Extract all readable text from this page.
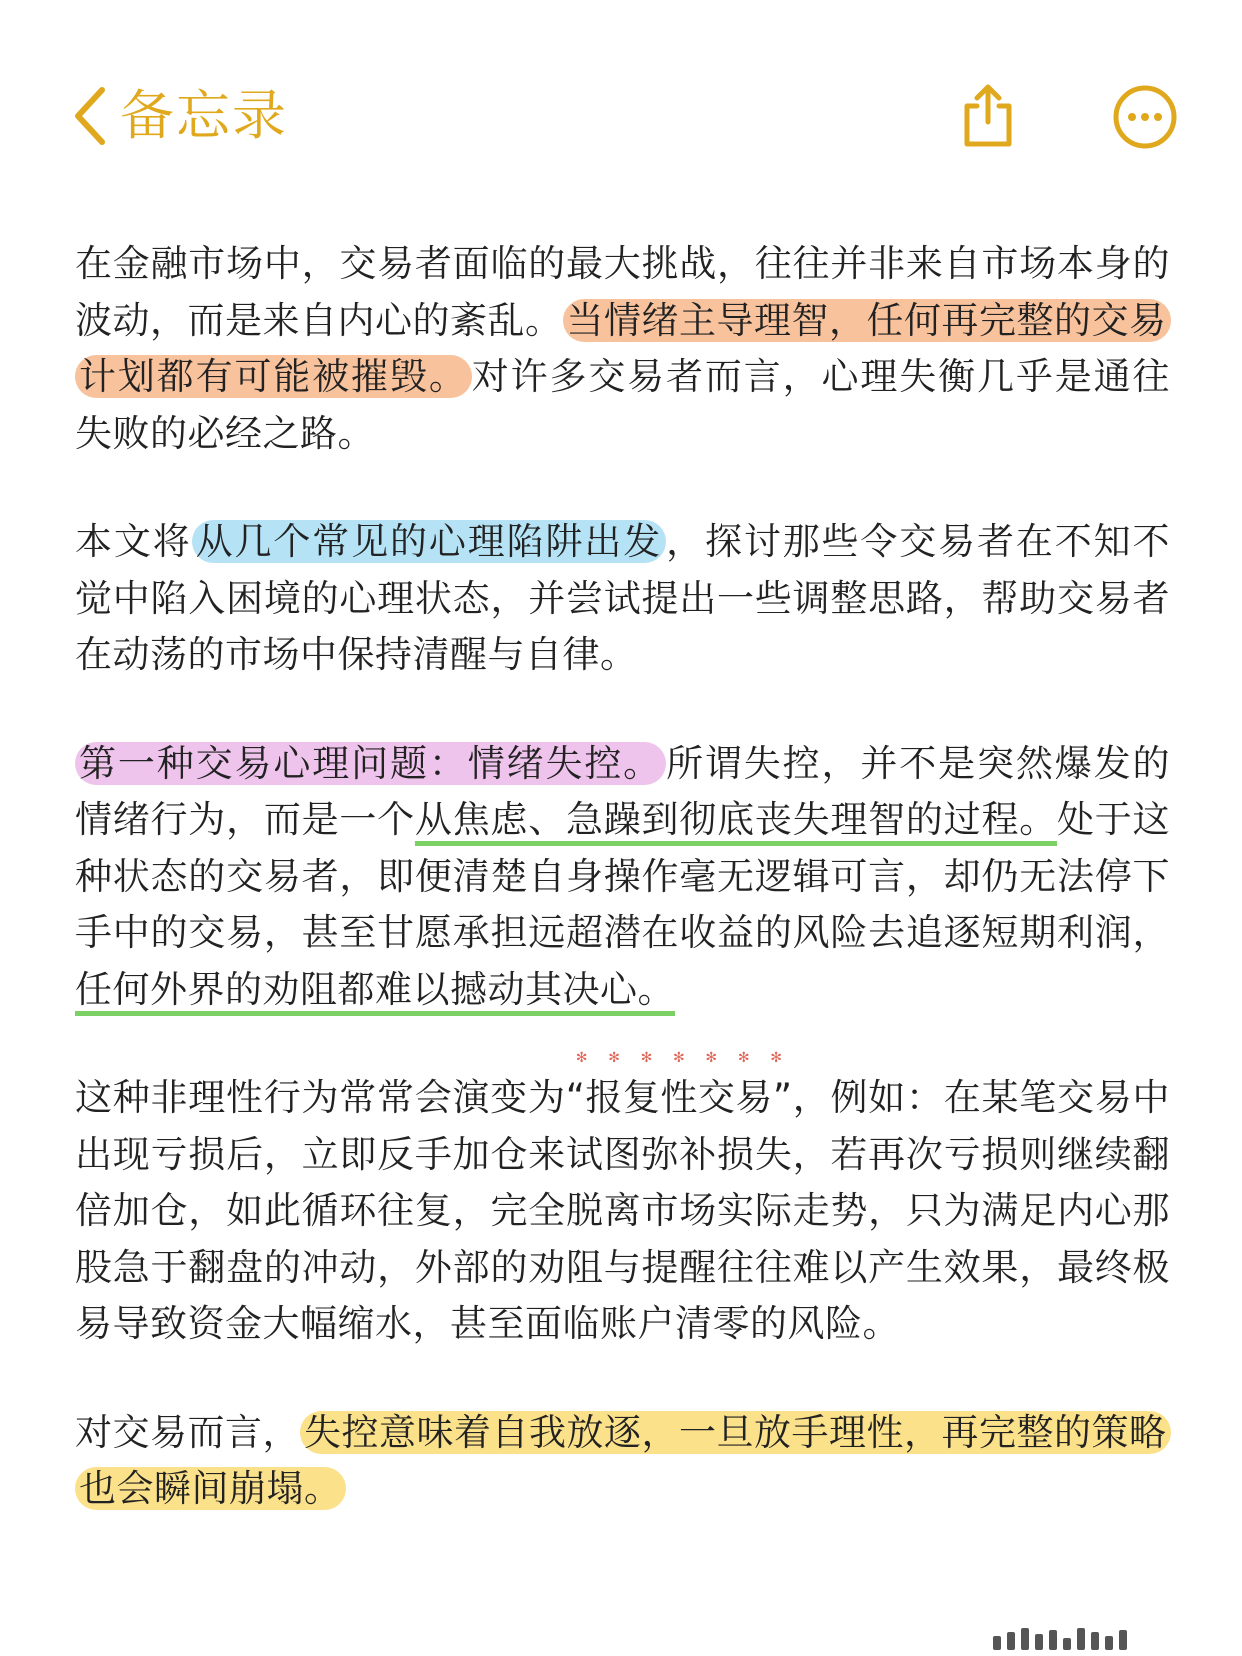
备忘录

在金融市场中，交易者面临的最大挑战，往往并非来自市场本身的波动，而是来自内心的紊乱。 当情绪主导理智，任何再完整的交易计划都有可能被摧毁。 对许多交易者而言，心理失衡几乎是通往失败的必经之路。

本文将 从几个常见的心理陷阱出发 ，探讨那些令交易者在不知不觉中陷入困境的心理状态，并尝试提出一些调整思路，帮助交易者在动荡的市场中保持清醒与自律。

第一种交易心理问题：情绪失控。 所谓失控，并不是突然爆发的情绪行为，而是一个从焦虑、急躁到彻底丧失理智的过程。处于这种状态的交易者，即便清楚自身操作毫无逻辑可言，却仍无法停下手中的交易，甚至甘愿承担远超潜在收益的风险去追逐短期利润，任何外界的劝阻都难以撼动其决心。

这种非理性行为常常会演变为
✻ ✻ ✻ ✻ ✻ ✻ ✻
“报复性交易”，例如：在某笔交易中出现亏损后，立即反手加仓来试图弥补损失，若再次亏损则继续翻倍加仓，如此循环往复，完全脱离市场实际走势，只为满足内心那股急于翻盘的冲动，外部的劝阻与提醒往往难以产生效果，最终极易导致资金大幅缩水，甚至面临账户清零的风险。

对交易而言， 失控意味着自我放逐，一旦放手理性，再完整的策略也会瞬间崩塌。
